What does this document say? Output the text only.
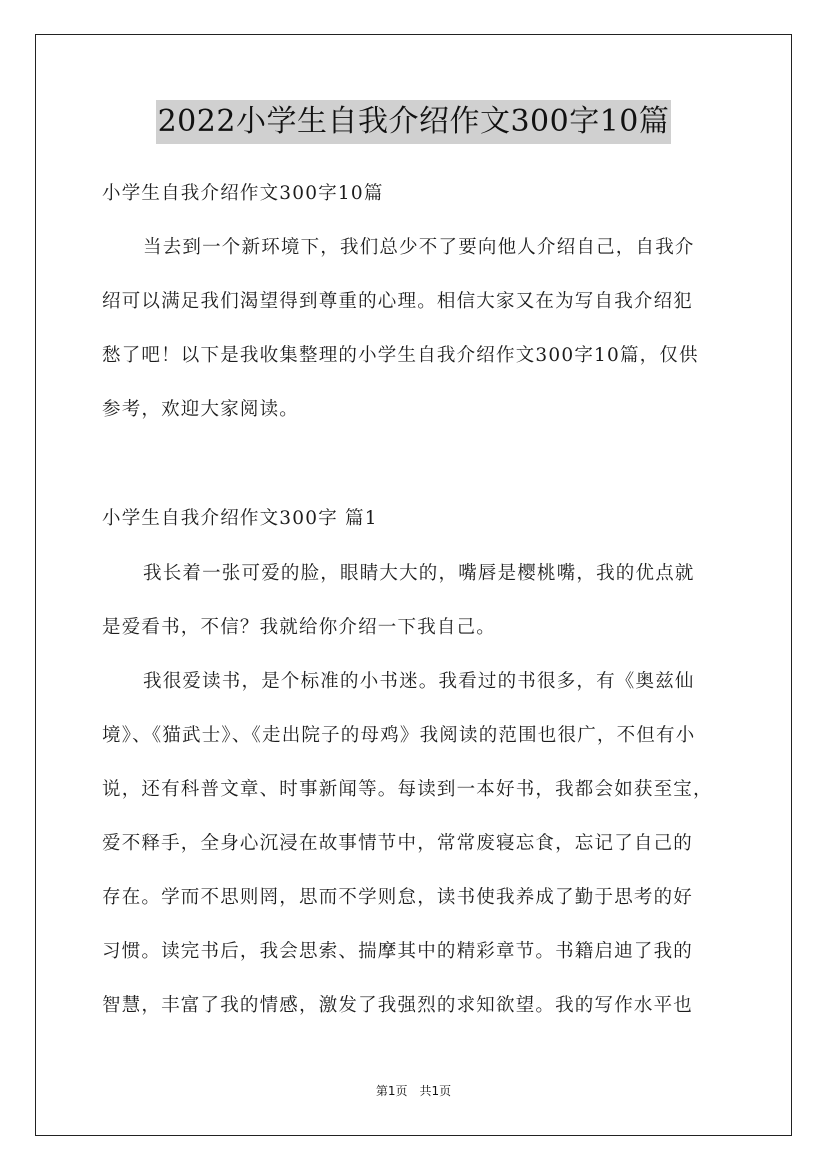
2022小学生自我介绍作文300字10篇
小学生自我介绍作文300字10篇
当去到一个新环境下，我们总少不了要向他人介绍自己，自我介
绍可以满足我们渴望得到尊重的心理。相信大家又在为写自我介绍犯
愁了吧！以下是我收集整理的小学生自我介绍作文300字10篇，仅供
参考，欢迎大家阅读。
小学生自我介绍作文300字 篇1
我长着一张可爱的脸，眼睛大大的，嘴唇是樱桃嘴，我的优点就
是爱看书，不信？我就给你介绍一下我自己。
我很爱读书，是个标准的小书迷。我看过的书很多，有《奥兹仙
境》、《猫武士》、《走出院子的母鸡》我阅读的范围也很广，不但有小
说，还有科普文章、时事新闻等。每读到一本好书，我都会如获至宝，
爱不释手，全身心沉浸在故事情节中，常常废寝忘食，忘记了自己的
存在。学而不思则罔，思而不学则怠，读书使我养成了勤于思考的好
习惯。读完书后，我会思索、揣摩其中的精彩章节。书籍启迪了我的
智慧，丰富了我的情感，激发了我强烈的求知欲望。我的写作水平也
第1页　共1页
